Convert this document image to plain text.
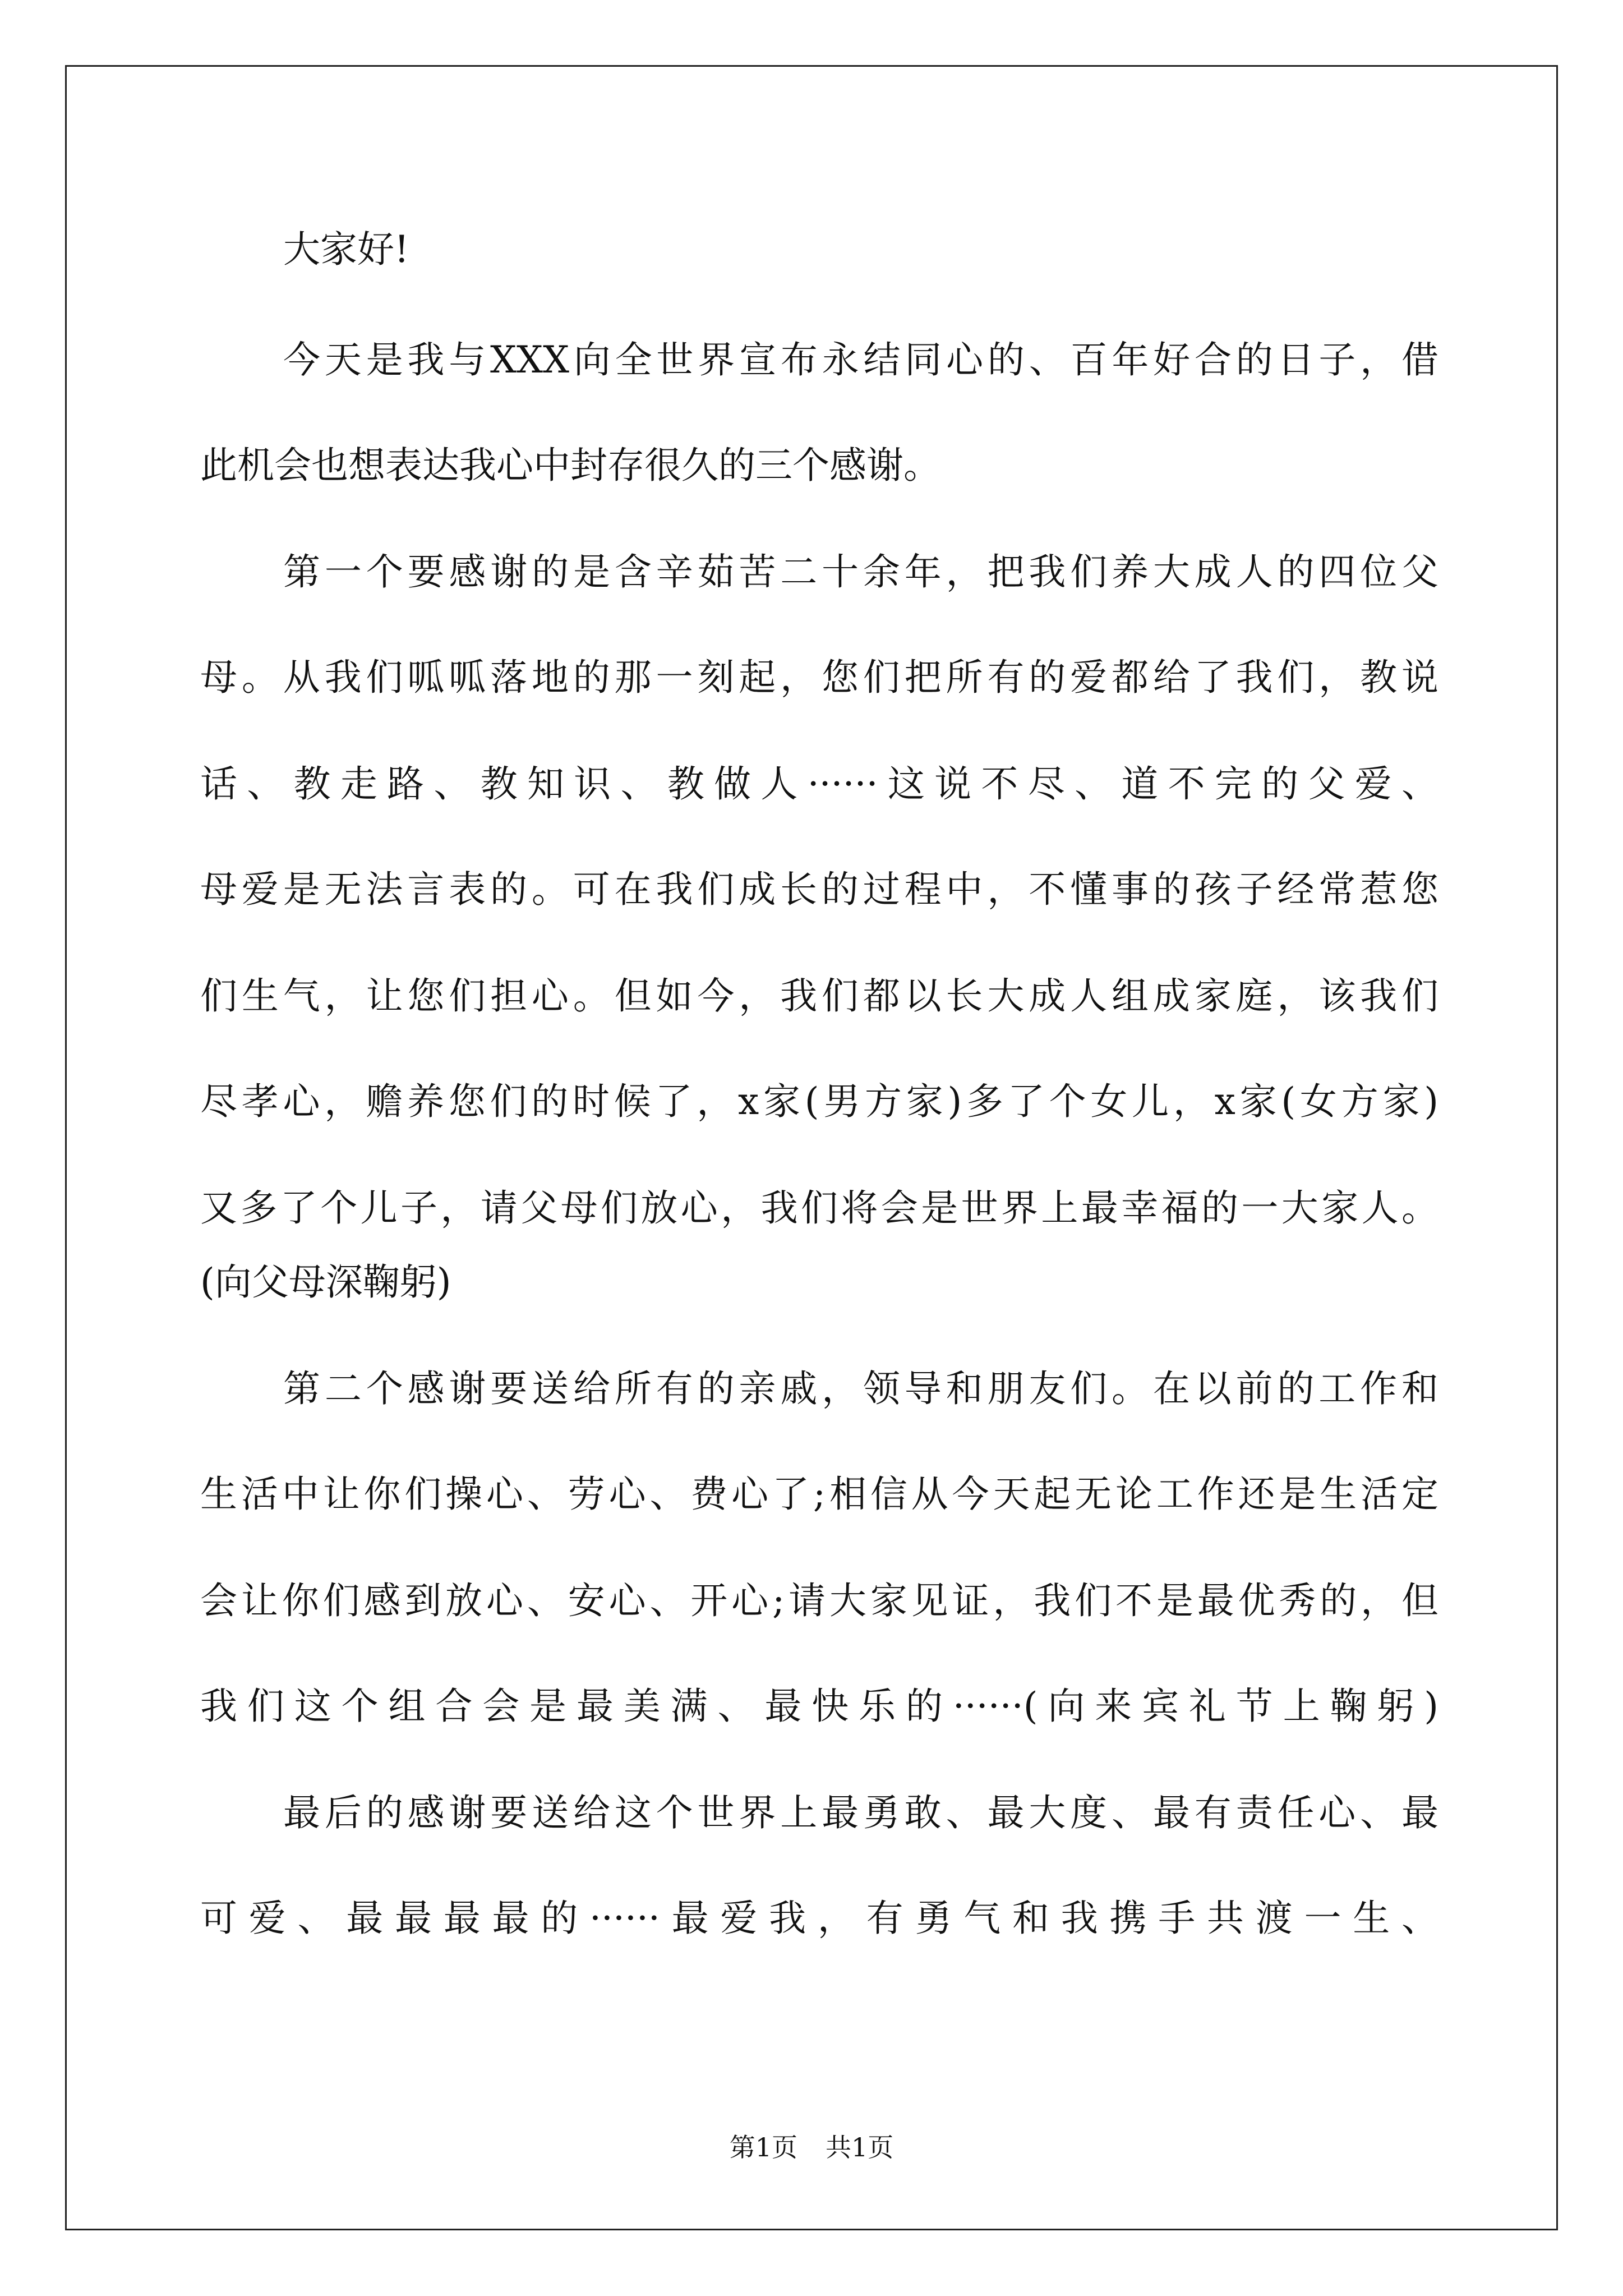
大家好!
今天是我与XXX向全世界宣布永结同心的、百年好合的日子，借
此机会也想表达我心中封存很久的三个感谢。
第一个要感谢的是含辛茹苦二十余年，把我们养大成人的四位父
母。从我们呱呱落地的那一刻起，您们把所有的爱都给了我们，教说
话、教走路、教知识、教做人······这说不尽、道不完的父爱、
母爱是无法言表的。可在我们成长的过程中，不懂事的孩子经常惹您
们生气，让您们担心。但如今，我们都以长大成人组成家庭，该我们
尽孝心，赡养您们的时候了，x家(男方家)多了个女儿，x家(女方家)
又多了个儿子，请父母们放心，我们将会是世界上最幸福的一大家人。
(向父母深鞠躬)
第二个感谢要送给所有的亲戚，领导和朋友们。在以前的工作和
生活中让你们操心、劳心、费心了;相信从今天起无论工作还是生活定
会让你们感到放心、安心、开心;请大家见证，我们不是最优秀的，但
我们这个组合会是最美满、最快乐的······(向来宾礼节上鞠躬)
最后的感谢要送给这个世界上最勇敢、最大度、最有责任心、最
可爱、最最最最的······最爱我，有勇气和我携手共渡一生、
第1页 共1页
